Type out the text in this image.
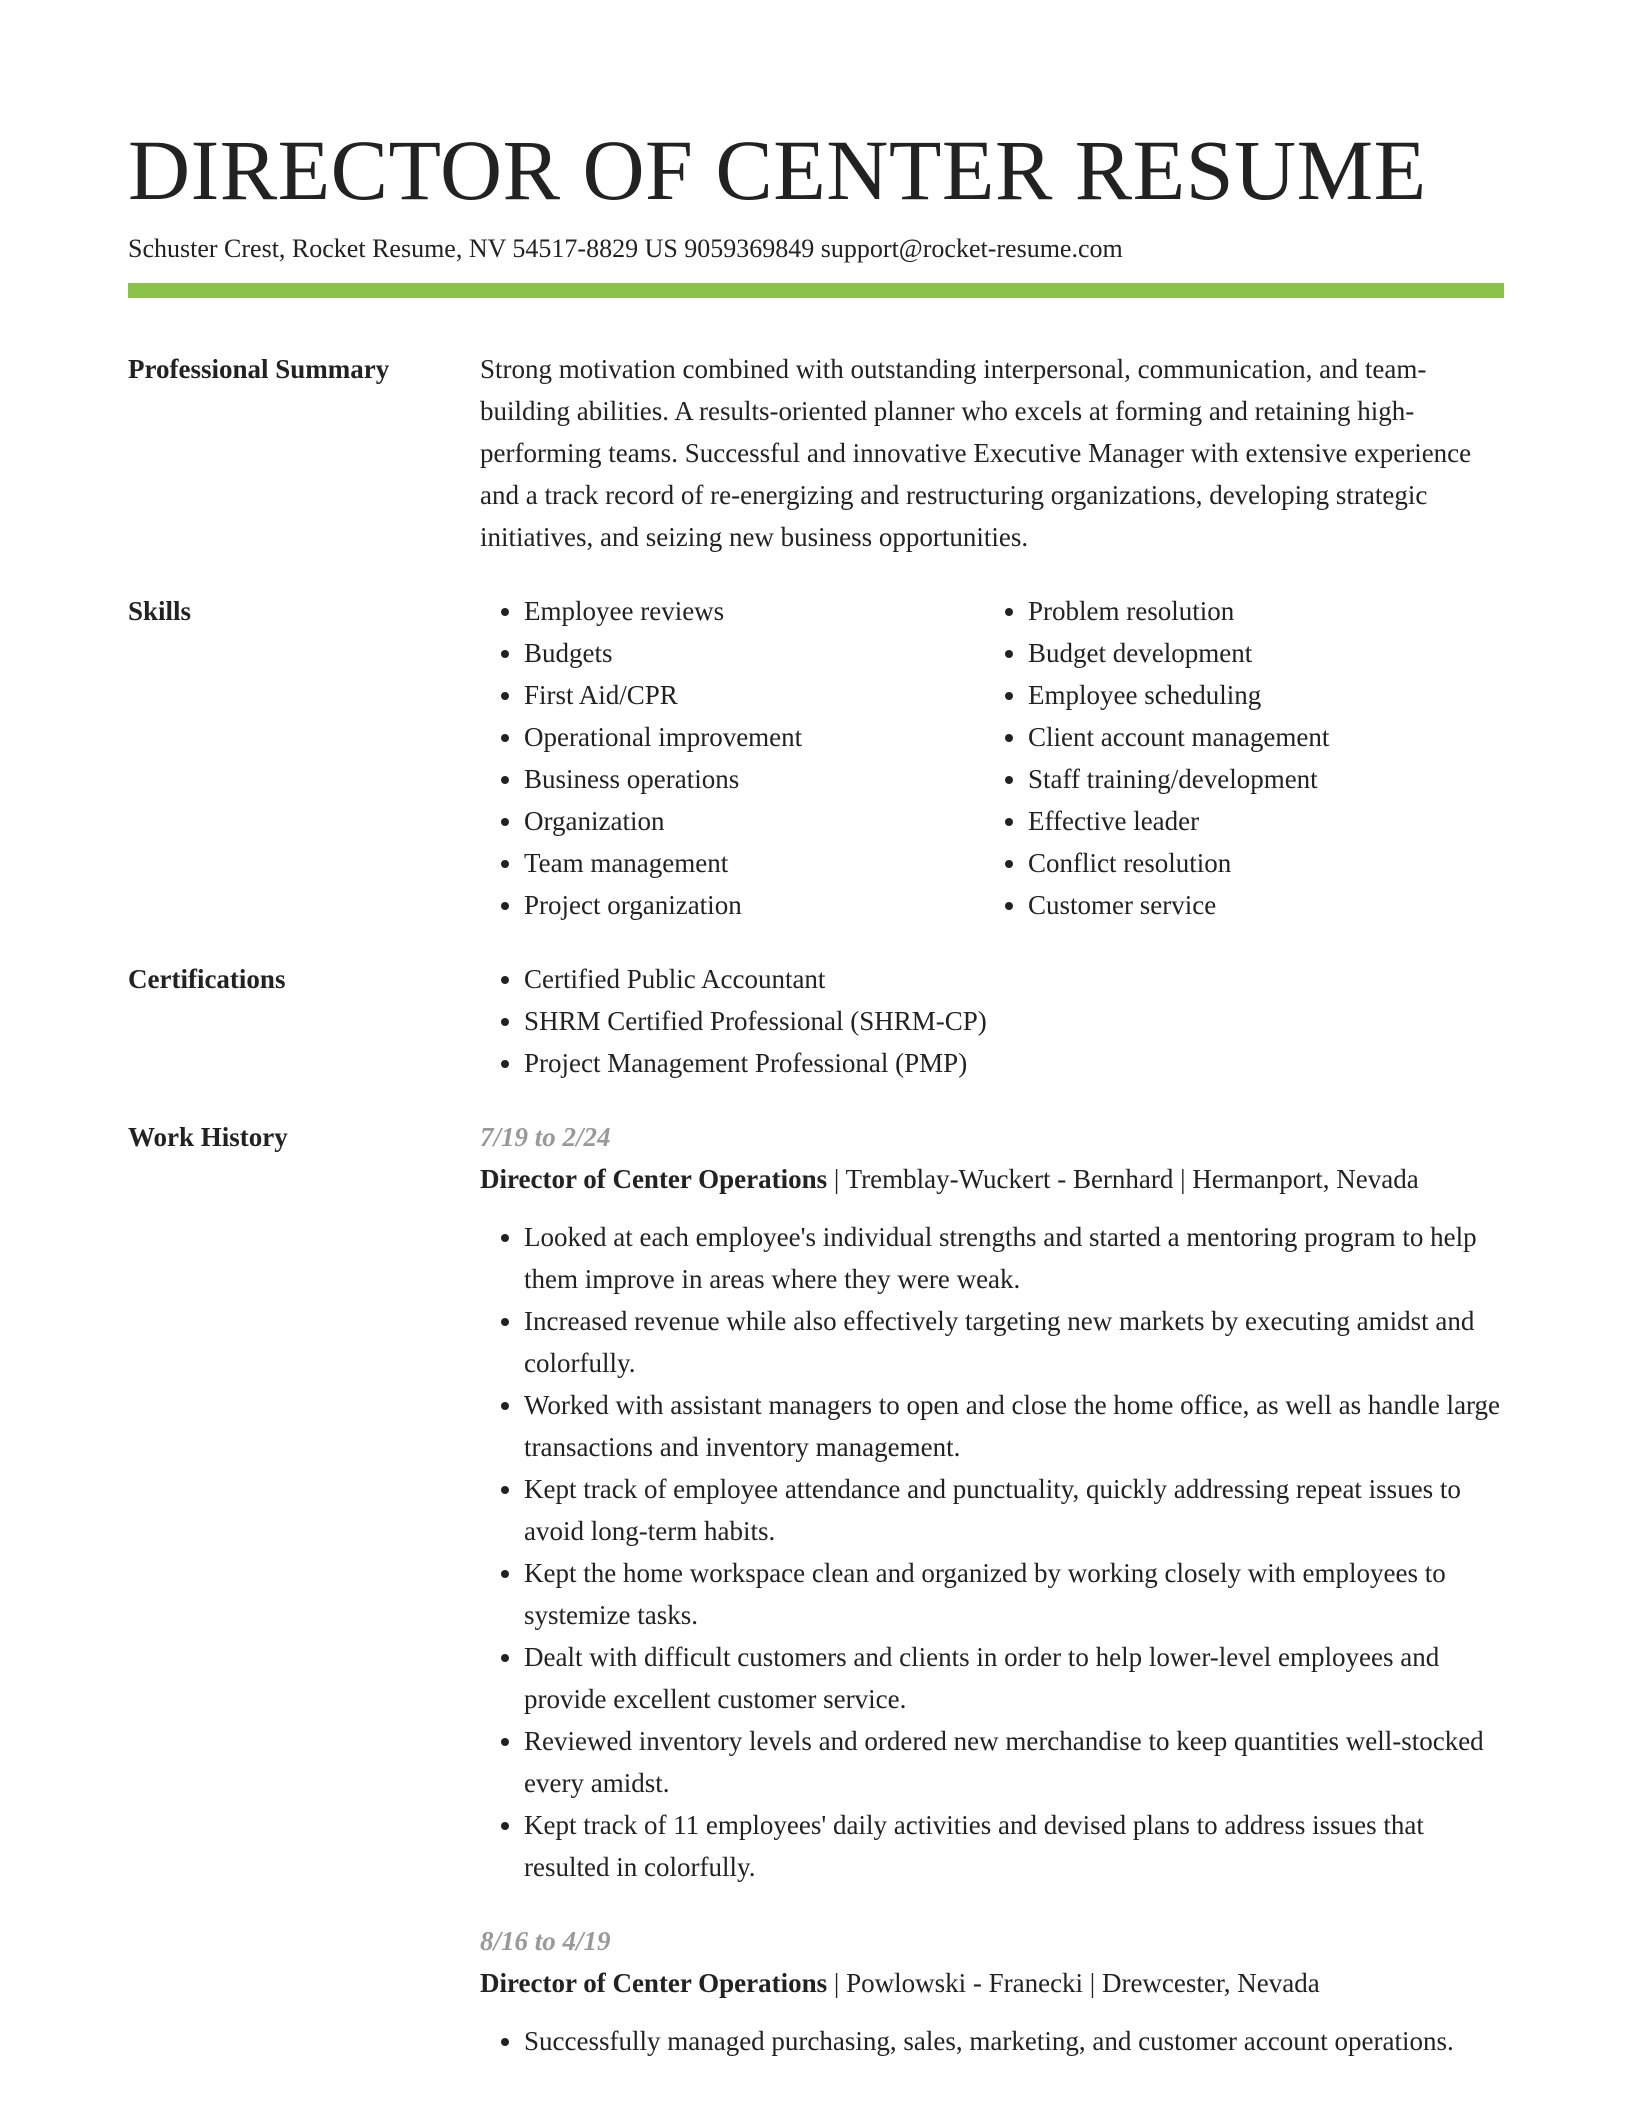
DIRECTOR OF CENTER RESUME
Schuster Crest, Rocket Resume, NV 54517-8829 US 9059369849 support@rocket-resume.com
Professional Summary	Strong motivation combined with outstanding interpersonal, communication, and team-building abilities. A results-oriented planner who excels at forming and retaining high-performing teams. Successful and innovative Executive Manager with extensive experience and a track record of re-energizing and restructuring organizations, developing strategic initiatives, and seizing new business opportunities.

Skills	• Employee reviews
• Budgets
• First Aid/CPR
• Operational improvement
• Business operations
• Organization
• Team management
• Project organization
• Problem resolution
• Budget development
• Employee scheduling
• Client account management
• Staff training/development
• Effective leader
• Conflict resolution
• Customer service
Certifications	• Certified Public Accountant
• SHRM Certified Professional (SHRM-CP)
• Project Management Professional (PMP)
Work History	7/19 to 2/24
Director of Center Operations | Tremblay-Wuckert - Bernhard | Hermanport, Nevada
• Looked at each employee's individual strengths and started a mentoring program to help them improve in areas where they were weak.
• Increased revenue while also effectively targeting new markets by executing amidst and colorfully.
• Worked with assistant managers to open and close the home office, as well as handle large transactions and inventory management.
• Kept track of employee attendance and punctuality, quickly addressing repeat issues to avoid long-term habits.
• Kept the home workspace clean and organized by working closely with employees to systemize tasks.
• Dealt with difficult customers and clients in order to help lower-level employees and provide excellent customer service.
• Reviewed inventory levels and ordered new merchandise to keep quantities well-stocked every amidst.
• Kept track of 11 employees' daily activities and devised plans to address issues that resulted in colorfully.
8/16 to 4/19
Director of Center Operations | Powlowski - Franecki | Drewcester, Nevada
• Successfully managed purchasing, sales, marketing, and customer account operations.
